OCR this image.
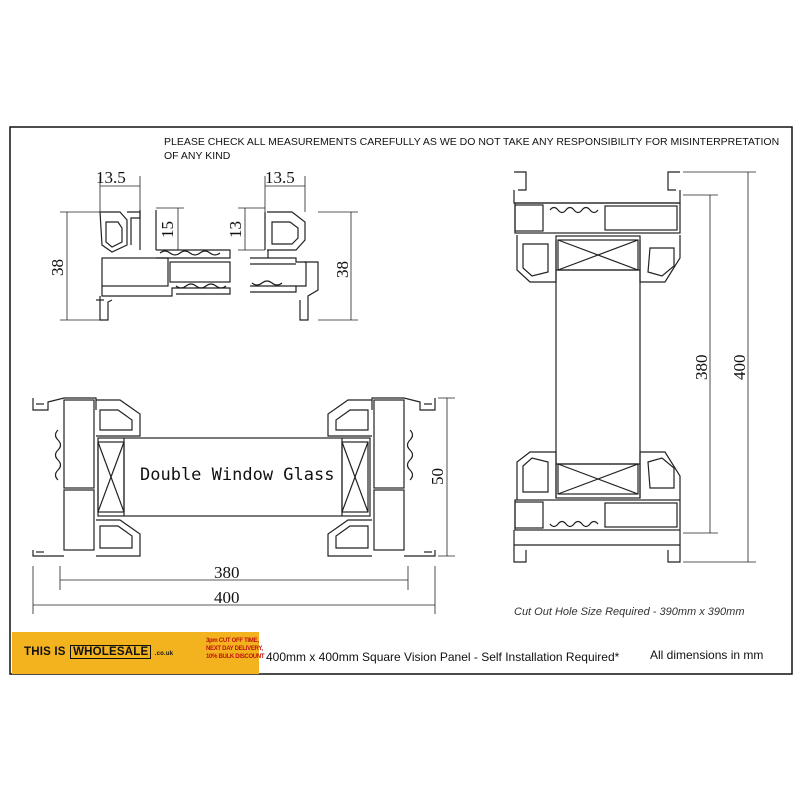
13.5
38
15
13.5
13
38
Double Window Glass
380
400
50
380 400
PLEASE CHECK ALL MEASUREMENTS CAREFULLY AS WE DO NOT TAKE ANY RESPONSIBILITY FOR MISINTERPRETATION OF ANY KIND
Cut Out Hole Size Required - 390mm x 390mm
THIS IS WHOLESALE .co.uk
3pm CUT OFF TIME,
NEXT DAY DELIVERY,
10% BULK DISCOUNT 400mm x 400mm Square Vision Panel - Self Installation Required*	All dimensions in mm
